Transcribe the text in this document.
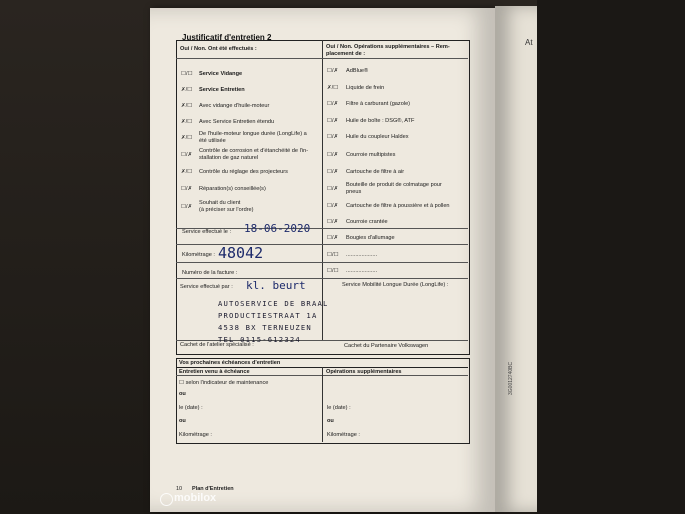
At
Justificatif d'entretien 2
Oui / Non. Ont été effectués :	Oui / Non. Opérations supplémentaires – Rem-
placement de :
☐/☐ Service Vidange
✗/☐ Service Entretien
✗/☐ Avec vidange d'huile-moteur
✗/☐ Avec Service Entretien étendu
✗/☐
De l'huile-moteur longue durée (LongLife) a
été utilisée
☐/✗
Contrôle de corrosion et d'étanchéité de l'in-
stallation de gaz naturel
✗/☐ Contrôle du réglage des projecteurs
☐/✗ Réparation(s) conseillée(s)
☐/✗
Souhait du client
(à préciser sur l'ordre)
☐/✗ AdBlue®
✗/☐ Liquide de frein
☐/✗ Filtre à carburant (gazole)
☐/✗ Huile de boîte : DSG®, ATF
☐/✗ Huile du coupleur Haldex
☐/✗ Courroie multipistes
☐/✗ Cartouche de filtre à air
☐/✗
Bouteille de produit de colmatage pour
pneus
☐/✗ Cartouche de filtre à poussière et à pollen
☐/✗ Courroie crantée
☐/✗ Bougies d'allumage
☐/☐ ....................
☐/☐ ....................
Service effectué le : 18-06-2020
Kilométrage : 48042
Numéro de la facture :
Service effectué par : kl. beurt	Service Mobilité Longue Durée (LongLife) :
AUTOSERVICE DE BRAAL
PRODUCTIESTRAAT 1A
4538 BX TERNEUZEN
TEL 0115-612324
Cachet de l'atelier spécialisé :	Cachet du Partenaire Volkswagen
Vos prochaines échéances d'entretien
Entretien venu à échéance	Opérations supplémentaires
☐ selon l'indicateur de maintenance
ou
le (date) :	le (date) :
ou	ou
Kilométrage :	Kilométrage :
10 Plan d'Entretien
3G0012740BC
mobilox
